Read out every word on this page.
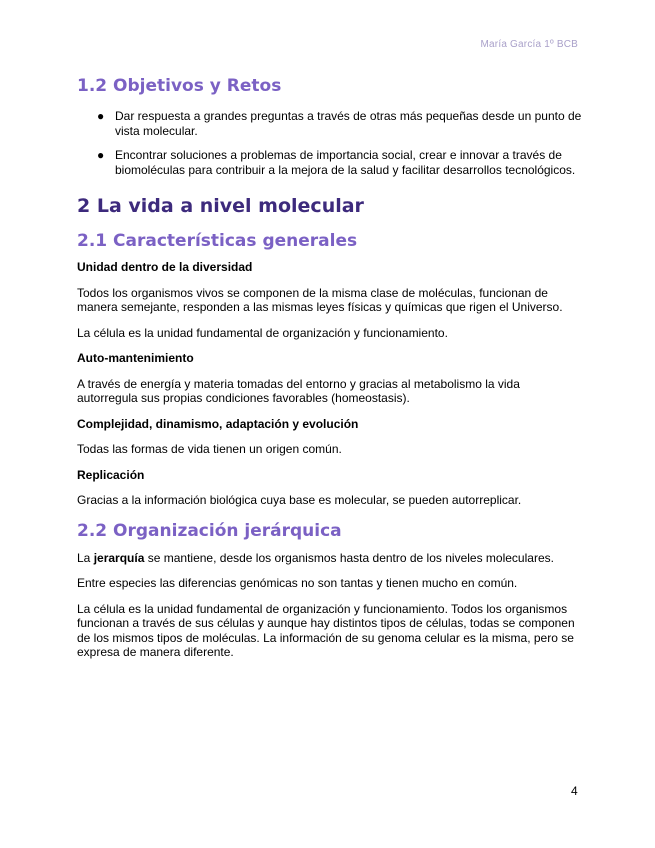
María García 1º BCB
1.2 Objetivos y Retos
● Dar respuesta a grandes preguntas a través de otras más pequeñas desde un punto de vista molecular.
● Encontrar soluciones a problemas de importancia social, crear e innovar a través de biomoléculas para contribuir a la mejora de la salud y facilitar desarrollos tecnológicos.
2 La vida a nivel molecular
2.1 Características generales

Unidad dentro de la diversidad

Todos los organismos vivos se componen de la misma clase de moléculas, funcionan de manera semejante, responden a las mismas leyes físicas y químicas que rigen el Universo.

La célula es la unidad fundamental de organización y funcionamiento.

Auto-mantenimiento

A través de energía y materia tomadas del entorno y gracias al metabolismo la vida autorregula sus propias condiciones favorables (homeostasis).

Complejidad, dinamismo, adaptación y evolución

Todas las formas de vida tienen un origen común.

Replicación

Gracias a la información biológica cuya base es molecular, se pueden autorreplicar.

2.2 Organización jerárquica

La jerarquía se mantiene, desde los organismos hasta dentro de los niveles moleculares.

Entre especies las diferencias genómicas no son tantas y tienen mucho en común.

La célula es la unidad fundamental de organización y funcionamiento. Todos los organismos funcionan a través de sus células y aunque hay distintos tipos de células, todas se componen de los mismos tipos de moléculas. La información de su genoma celular es la misma, pero se expresa de manera diferente.

4
